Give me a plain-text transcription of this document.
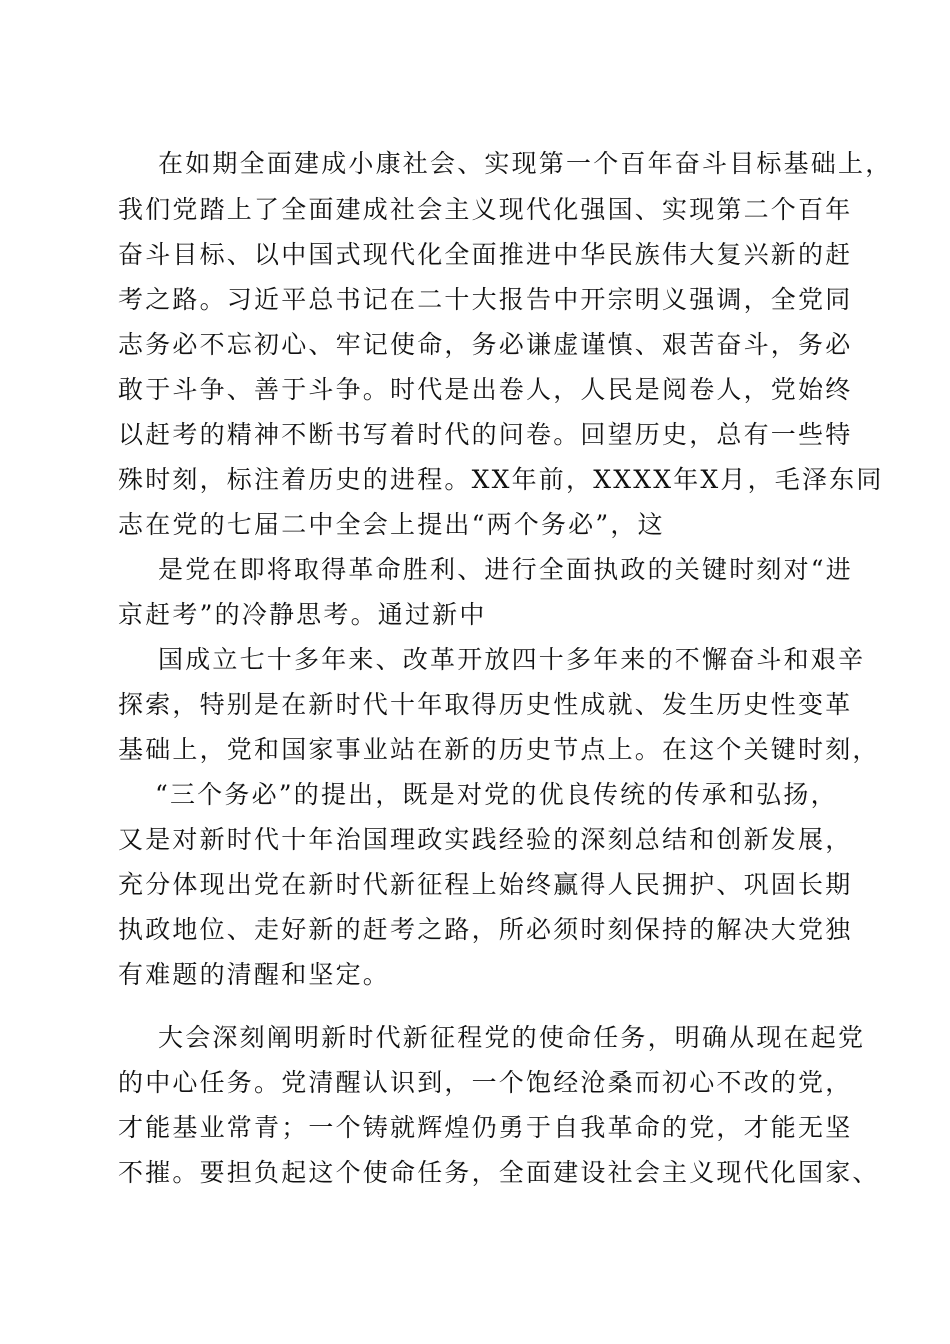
在如期全面建成小康社会、实现第一个百年奋斗目标基础上，
我们党踏上了全面建成社会主义现代化强国、实现第二个百年
奋斗目标、以中国式现代化全面推进中华民族伟大复兴新的赶
考之路。习近平总书记在二十大报告中开宗明义强调，全党同
志务必不忘初心、牢记使命，务必谦虚谨慎、艰苦奋斗，务必
敢于斗争、善于斗争。时代是出卷人，人民是阅卷人，党始终
以赶考的精神不断书写着时代的问卷。回望历史，总有一些特
殊时刻，标注着历史的进程。XX年前，XXXX年X月，毛泽东同
志在党的七届二中全会上提出“两个务必”，这
是党在即将取得革命胜利、进行全面执政的关键时刻对“进
京赶考”的冷静思考。通过新中
国成立七十多年来、改革开放四十多年来的不懈奋斗和艰辛
探索，特别是在新时代十年取得历史性成就、发生历史性变革
基础上，党和国家事业站在新的历史节点上。在这个关键时刻，
“三个务必”的提出，既是对党的优良传统的传承和弘扬，
又是对新时代十年治国理政实践经验的深刻总结和创新发展，
充分体现出党在新时代新征程上始终赢得人民拥护、巩固长期
执政地位、走好新的赶考之路，所必须时刻保持的解决大党独
有难题的清醒和坚定。
大会深刻阐明新时代新征程党的使命任务，明确从现在起党
的中心任务。党清醒认识到，一个饱经沧桑而初心不改的党，
才能基业常青；一个铸就辉煌仍勇于自我革命的党，才能无坚
不摧。要担负起这个使命任务，全面建设社会主义现代化国家、
